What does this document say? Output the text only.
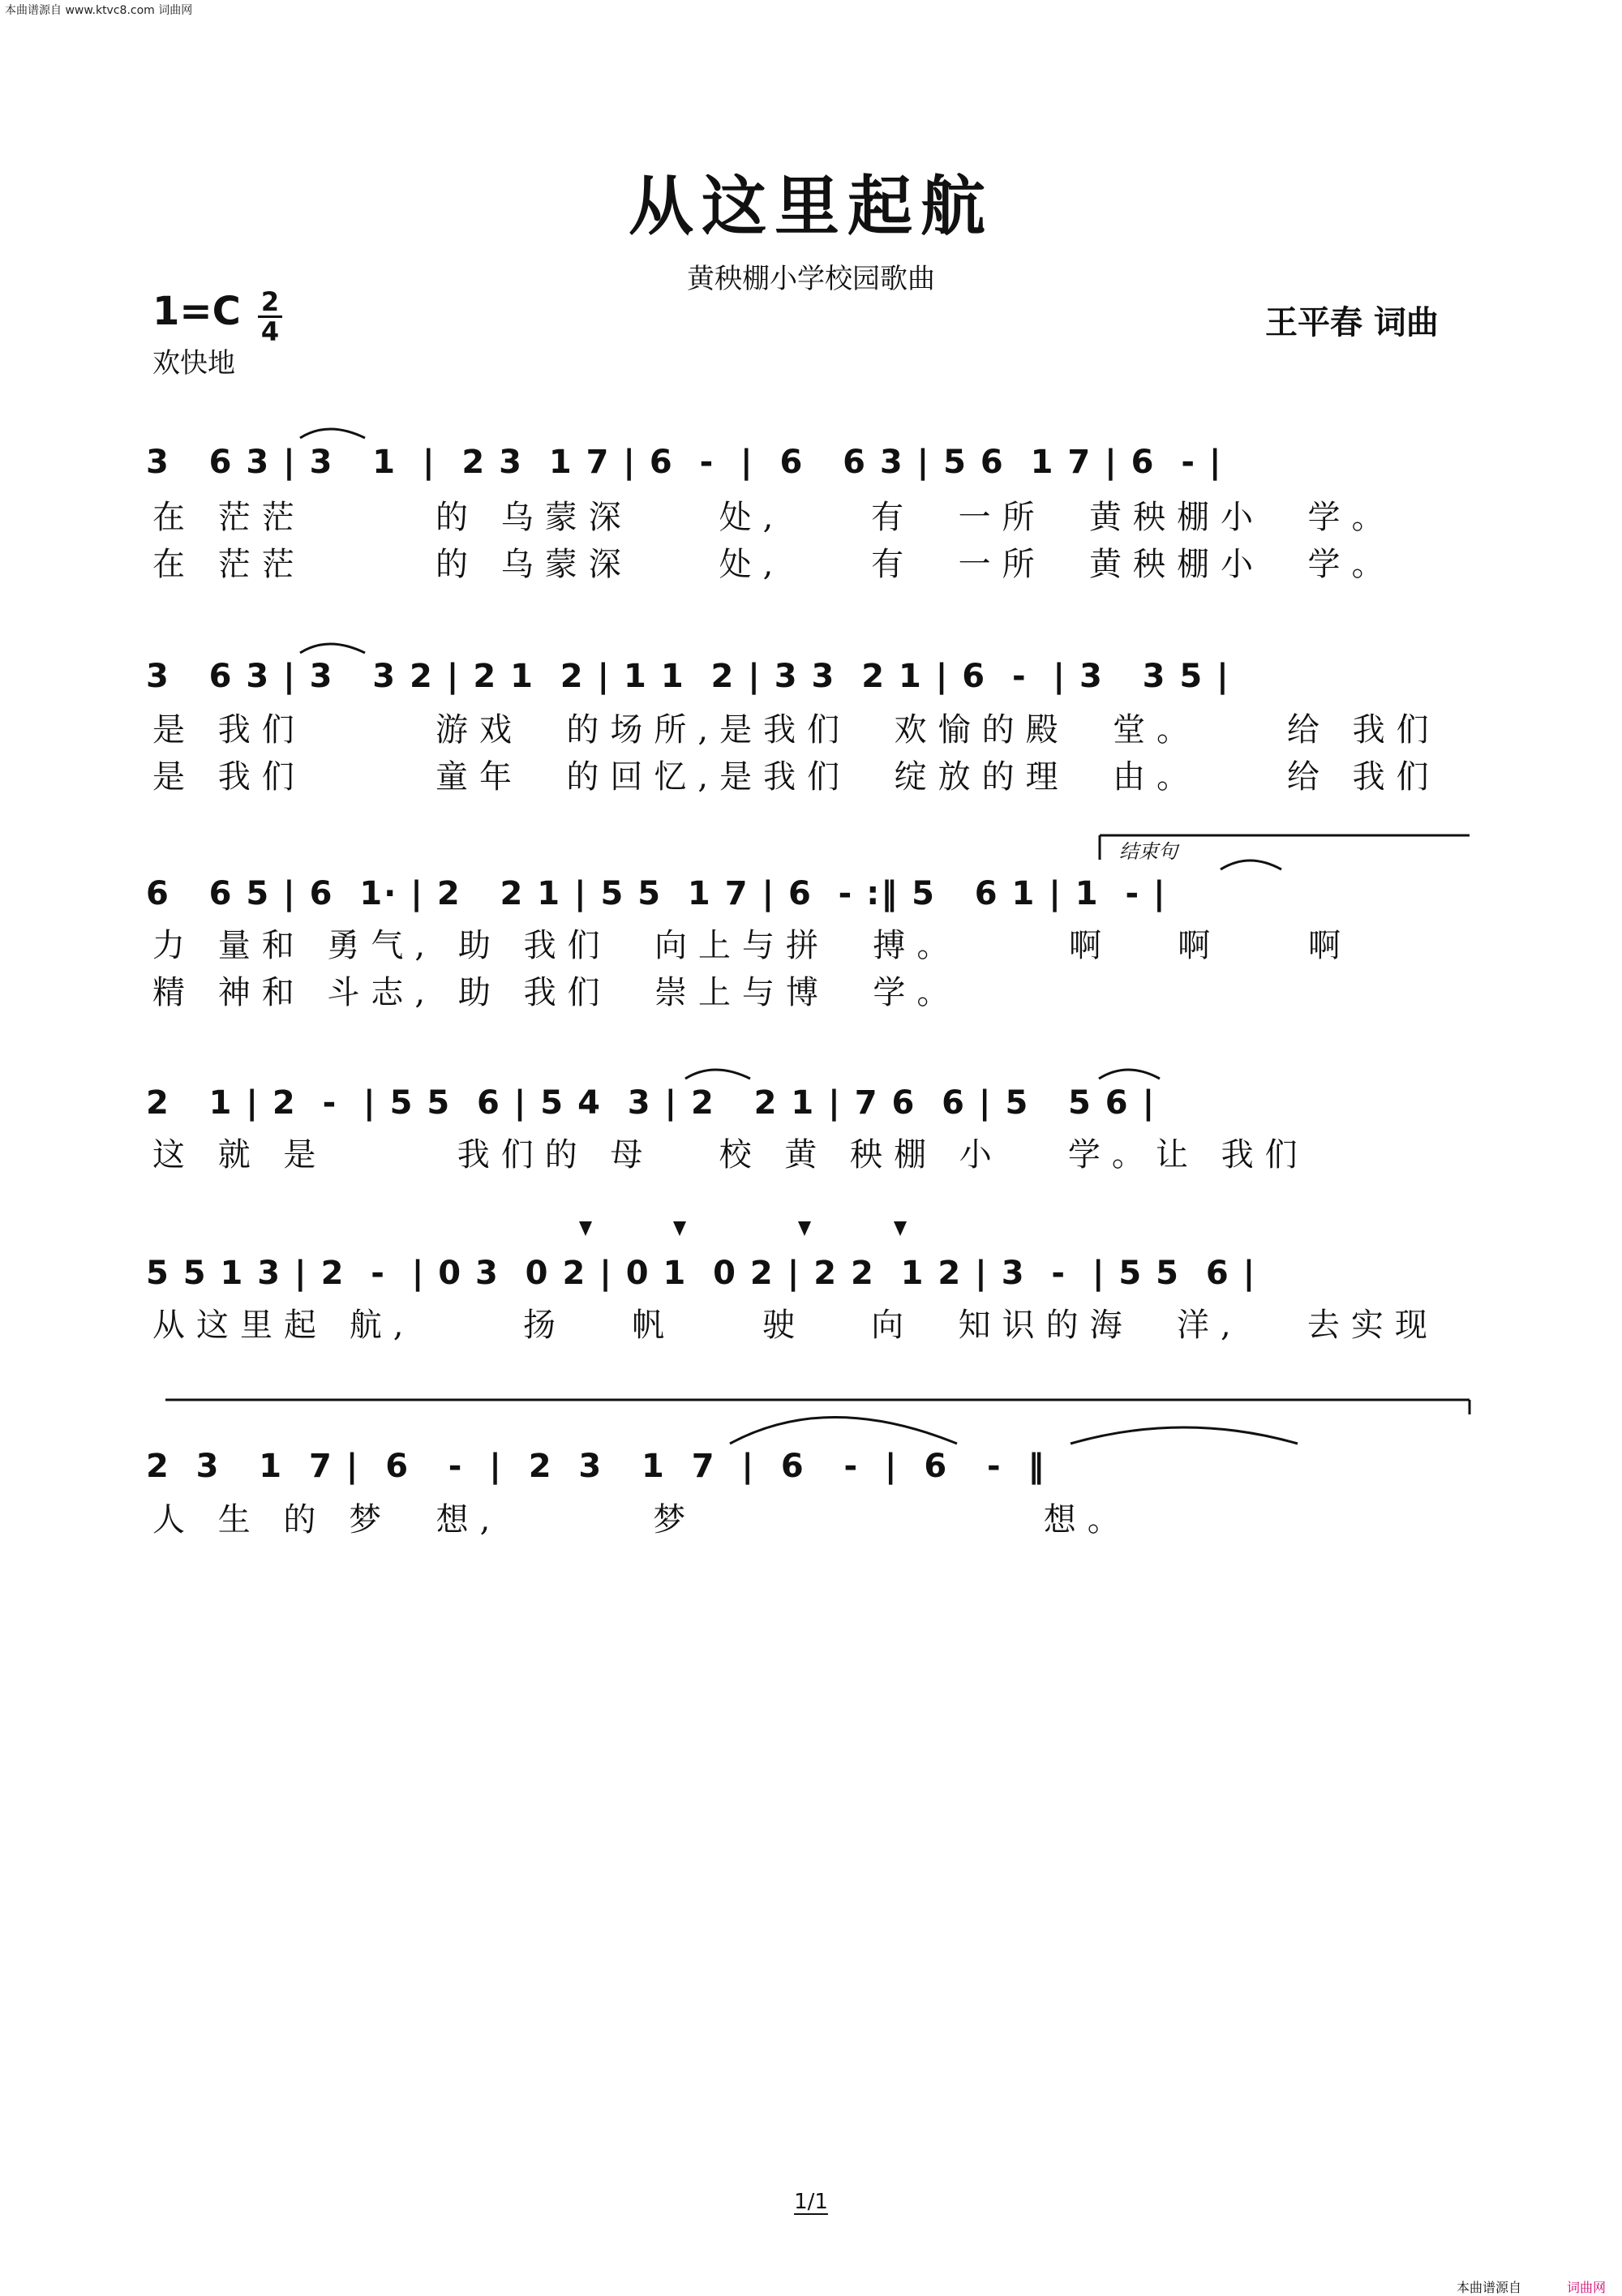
本曲谱源自 www.ktvc8.com 词曲网
从这里起航
黄秧棚小学校园歌曲
1=C 2
4
欢快地
王平春 词曲
3   6 3 | 3   1  |  2 3  1 7 | 6  -  |  6   6 3 | 5 6  1 7 | 6  - |
在 茫茫      的 乌蒙深    处,    有  一所  黄秧棚小  学。
在 茫茫      的 乌蒙深    处,    有  一所  黄秧棚小  学。
3   6 3 | 3   3 2 | 2 1  2 | 1 1  2 | 3 3  2 1 | 6  -  | 3   3 5 |
是 我们      游戏  的场所,是我们  欢愉的殿  堂。    给 我们
是 我们      童年  的回忆,是我们  绽放的理  由。    给 我们
结束句
6   6 5 | 6  1· | 2   2 1 | 5 5  1 7 | 6  - :‖ 5   6 1 | 1  - |
力 量和 勇气, 助 我们  向上与拼  搏。     啊   啊    啊
精 神和 斗志, 助 我们  崇上与博  学。
2   1 | 2  -  | 5 5  6 | 5 4  3 | 2   2 1 | 7 6  6 | 5   5 6 |
这 就 是      我们的 母   校 黄 秧棚 小   学。让 我们
5 5 1 3 | 2  -  | 0 3  0 2 | 0 1  0 2 | 2 2  1 2 | 3  -  | 5 5  6 |
从这里起 航,     扬   帆    驶   向  知识的海  洋,   去实现
2  3   1  7 |  6   -  |  2  3   1  7  |  6   -  |  6   -  ‖
人 生 的 梦  想,       梦                想。
1/1
本曲谱源自	词曲网
